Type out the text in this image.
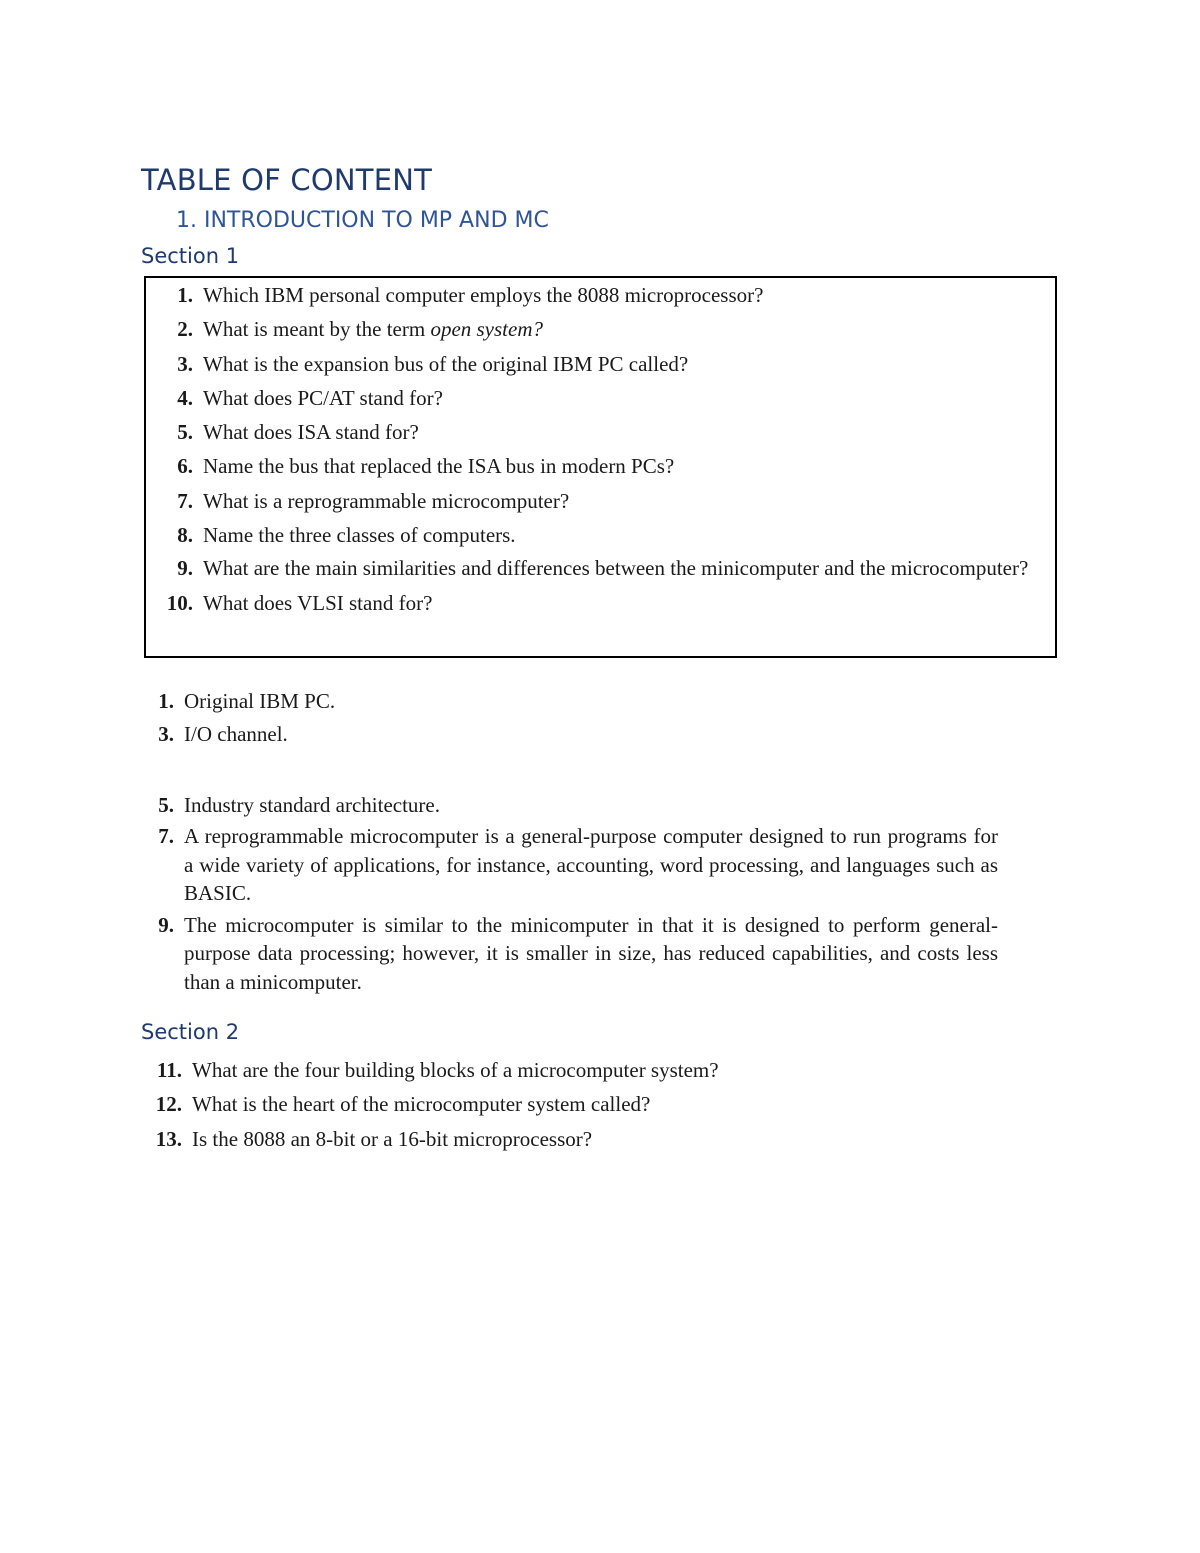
TABLE OF CONTENT
1. INTRODUCTION TO MP AND MC
Section 1
1. Which IBM personal computer employs the 8088 microprocessor?
2. What is meant by the term open system?
3. What is the expansion bus of the original IBM PC called?
4. What does PC/AT stand for?
5. What does ISA stand for?
6. Name the bus that replaced the ISA bus in modern PCs?
7. What is a reprogrammable microcomputer?
8. Name the three classes of computers.
9. What are the main similarities and differences between the minicomputer and the microcomputer?
10. What does VLSI stand for?
1. Original IBM PC.
3. I/O channel.
5. Industry standard architecture.
7. A reprogrammable microcomputer is a general-purpose computer designed to run programs for a wide variety of applications, for instance, accounting, word processing, and languages such as BASIC.
9. The microcomputer is similar to the minicomputer in that it is designed to perform general-purpose data processing; however, it is smaller in size, has reduced capabilities, and costs less than a minicomputer.
Section 2
11. What are the four building blocks of a microcomputer system?
12. What is the heart of the microcomputer system called?
13. Is the 8088 an 8-bit or a 16-bit microprocessor?
